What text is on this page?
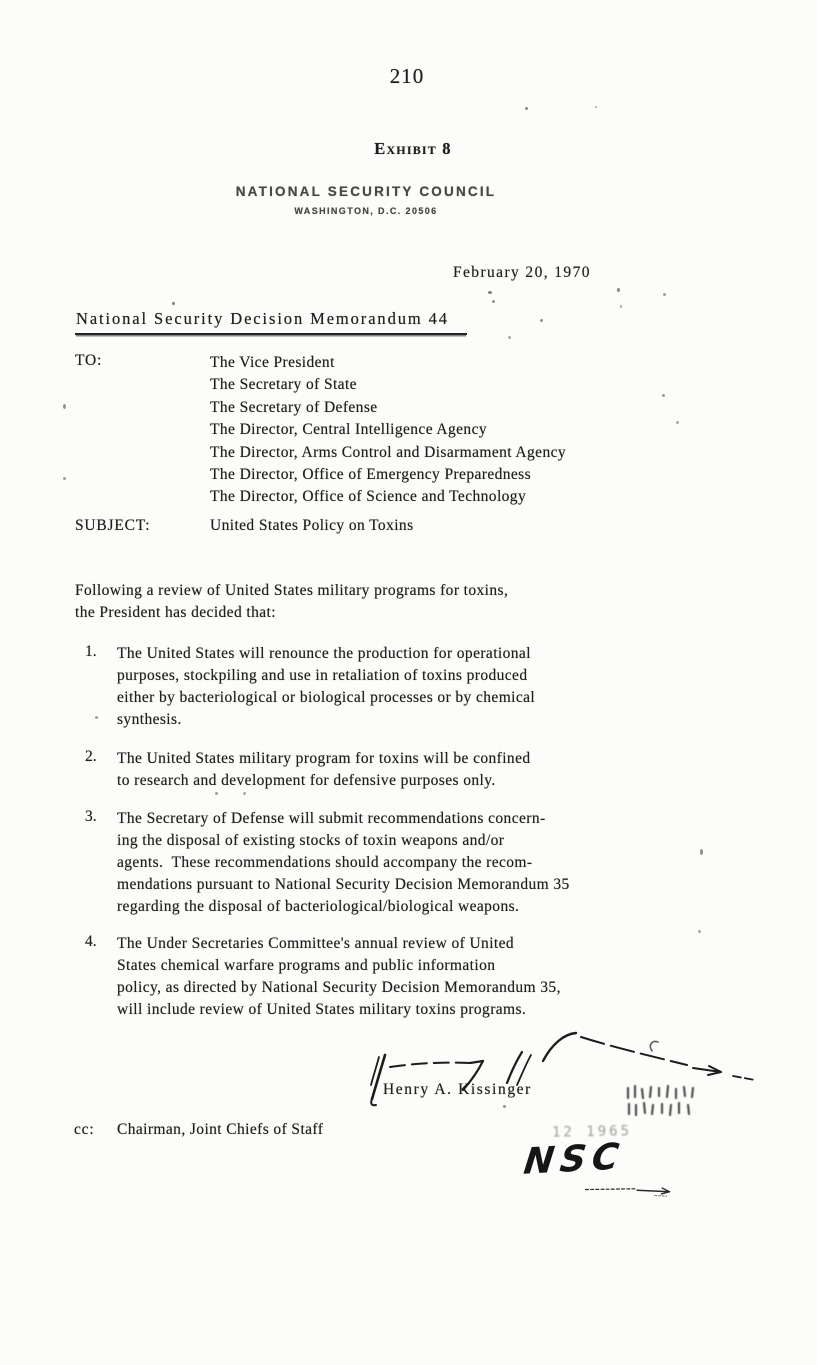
210
Exhibit 8
NATIONAL SECURITY COUNCIL
WASHINGTON, D.C. 20506
February 20, 1970
National Security Decision Memorandum 44
TO:	The Vice President
The Secretary of State
The Secretary of Defense
The Director, Central Intelligence Agency
The Director, Arms Control and Disarmament Agency
The Director, Office of Emergency Preparedness
The Director, Office of Science and Technology
SUBJECT:	United States Policy on Toxins
Following a review of United States military programs for toxins,
the President has decided that:
1. The United States will renounce the production for operational
purposes, stockpiling and use in retaliation of toxins produced
either by bacteriological or biological processes or by chemical
synthesis.
2. The United States military program for toxins will be confined
to research and development for defensive purposes only.
3. The Secretary of Defense will submit recommendations concern-
ing the disposal of existing stocks of toxin weapons and/or
agents.  These recommendations should accompany the recom-
mendations pursuant to National Security Decision Memorandum 35
regarding the disposal of bacteriological/biological weapons.
4. The Under Secretaries Committee's annual review of United
States chemical warfare programs and public information
policy, as directed by National Security Decision Memorandum 35,
will include review of United States military toxins programs.
Henry A. Kissinger
12 1965
cc: Chairman, Joint Chiefs of Staff
NSC
